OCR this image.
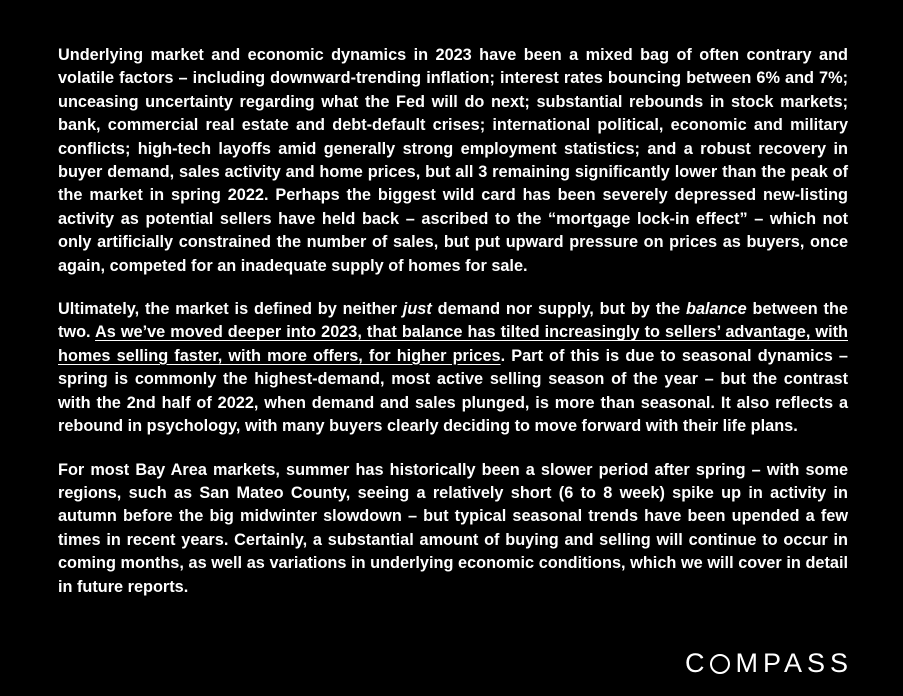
Underlying market and economic dynamics in 2023 have been a mixed bag of often contrary and volatile factors – including downward-trending inflation; interest rates bouncing between 6% and 7%; unceasing uncertainty regarding what the Fed will do next; substantial rebounds in stock markets; bank, commercial real estate and debt-default crises; international political, economic and military conflicts; high-tech layoffs amid generally strong employment statistics; and a robust recovery in buyer demand, sales activity and home prices, but all 3 remaining significantly lower than the peak of the market in spring 2022. Perhaps the biggest wild card has been severely depressed new-listing activity as potential sellers have held back – ascribed to the “mortgage lock-in effect” – which not only artificially constrained the number of sales, but put upward pressure on prices as buyers, once again, competed for an inadequate supply of homes for sale.

Ultimately, the market is defined by neither just demand nor supply, but by the balance between the two. As we’ve moved deeper into 2023, that balance has tilted increasingly to sellers’ advantage, with homes selling faster, with more offers, for higher prices. Part of this is due to seasonal dynamics – spring is commonly the highest-demand, most active selling season of the year – but the contrast with the 2nd half of 2022, when demand and sales plunged, is more than seasonal. It also reflects a rebound in psychology, with many buyers clearly deciding to move forward with their life plans.

For most Bay Area markets, summer has historically been a slower period after spring – with some regions, such as San Mateo County, seeing a relatively short (6 to 8 week) spike up in activity in autumn before the big midwinter slowdown – but typical seasonal trends have been upended a few times in recent years. Certainly, a substantial amount of buying and selling will continue to occur in coming months, as well as variations in underlying economic conditions, which we will cover in detail in future reports.

C MPASS
